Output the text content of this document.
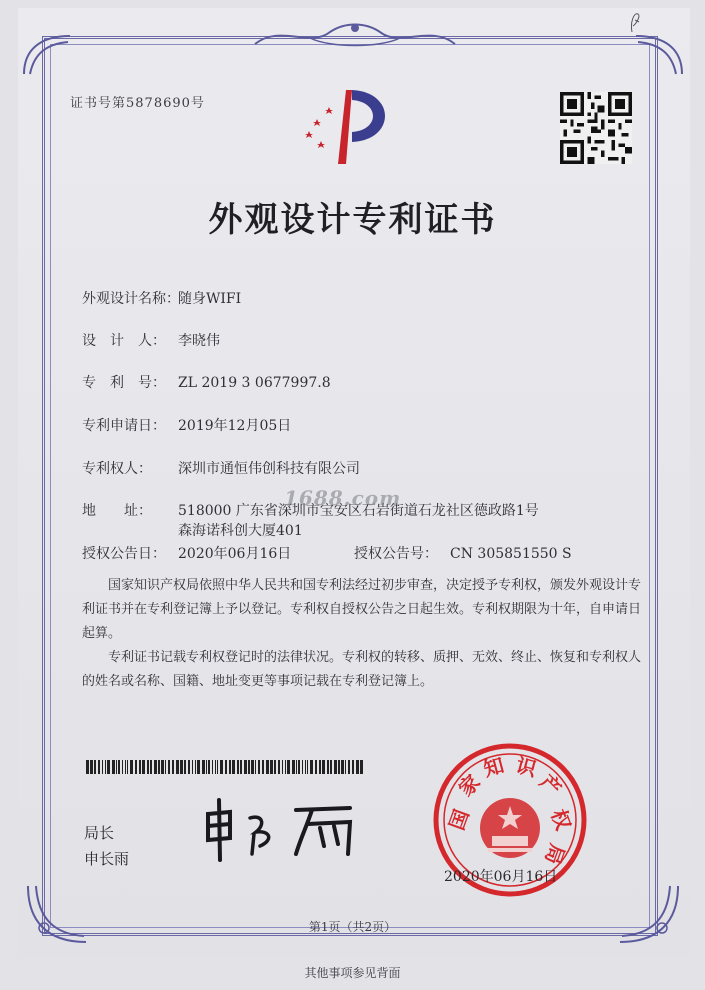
证书号第5878690号
外观设计专利证书
外观设计名称：随身WIFI
设　计　人： 李晓伟
专　利　号： ZL 2019 3 0677997.8
专利申请日： 2019年12月05日
专利权人： 深圳市通恒伟创科技有限公司
地　　址： 518000 广东省深圳市宝安区石岩街道石龙社区德政路1号
森海诺科创大厦401
授权公告日： 2020年06月16日	授权公告号： CN 305851550 S
1688.com

国家知识产权局依照中华人民共和国专利法经过初步审查，决定授予专利权，颁发外观设计专利证书并在专利登记簿上予以登记。专利权自授权公告之日起生效。专利权期限为十年，自申请日起算。

专利证书记载专利权登记时的法律状况。专利权的转移、质押、无效、终止、恢复和专利权人的姓名或名称、国籍、地址变更等事项记载在专利登记簿上。

局长
申长雨
国
家
知 识
产
权
局
2020年06月16日
第1页（共2页）
其他事项参见背面
